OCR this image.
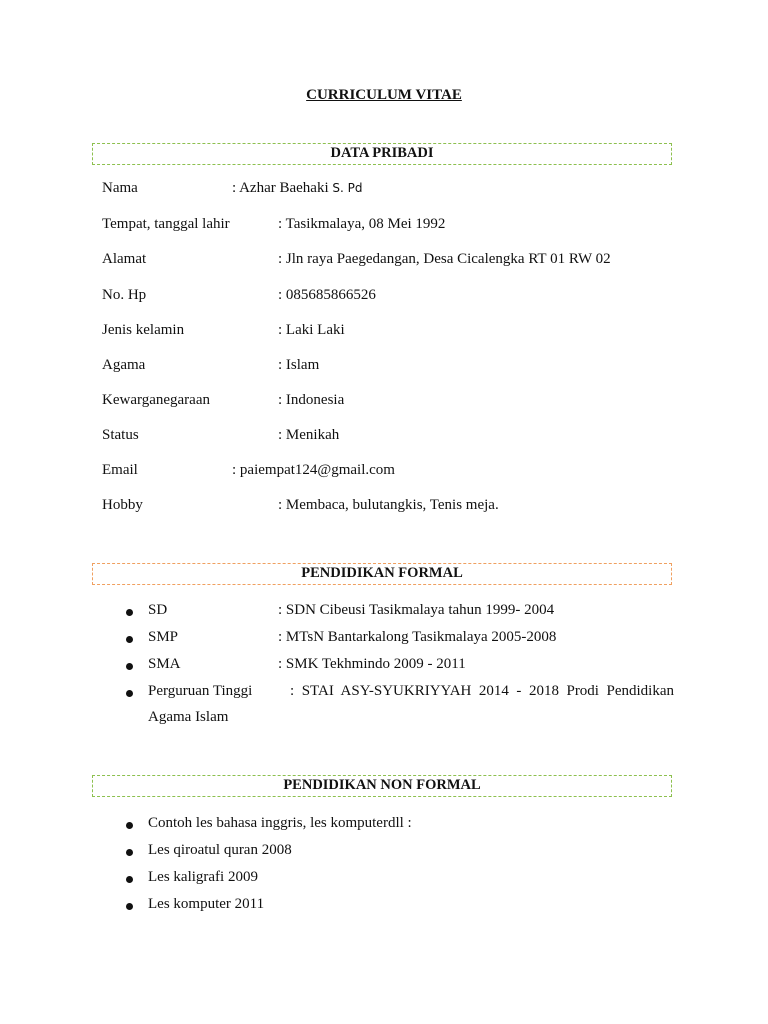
CURRICULUM VITAE
DATA PRIBADI
Nama	: Azhar Baehaki S. Pd
Tempat, tanggal lahir	: Tasikmalaya, 08 Mei 1992
Alamat	: Jln raya Paegedangan, Desa Cicalengka RT 01 RW 02
No. Hp	: 085685866526
Jenis kelamin	: Laki Laki
Agama	: Islam
Kewarganegaraan	: Indonesia
Status	: Menikah
Email	: paiempat124@gmail.com
Hobby	: Membaca, bulutangkis, Tenis meja.
PENDIDIKAN FORMAL
SD	: SDN Cibeusi Tasikmalaya tahun 1999- 2004
SMP	: MTsN Bantarkalong Tasikmalaya 2005-2008
SMA	: SMK Tekhmindo 2009 - 2011
Perguruan Tinggi	: STAI ASY-SYUKRIYYAH 2014 - 2018 Prodi Pendidikan
Agama Islam
PENDIDIKAN NON FORMAL
Contoh les bahasa inggris, les komputerdll :
Les qiroatul quran 2008
Les kaligrafi 2009
Les komputer 2011
